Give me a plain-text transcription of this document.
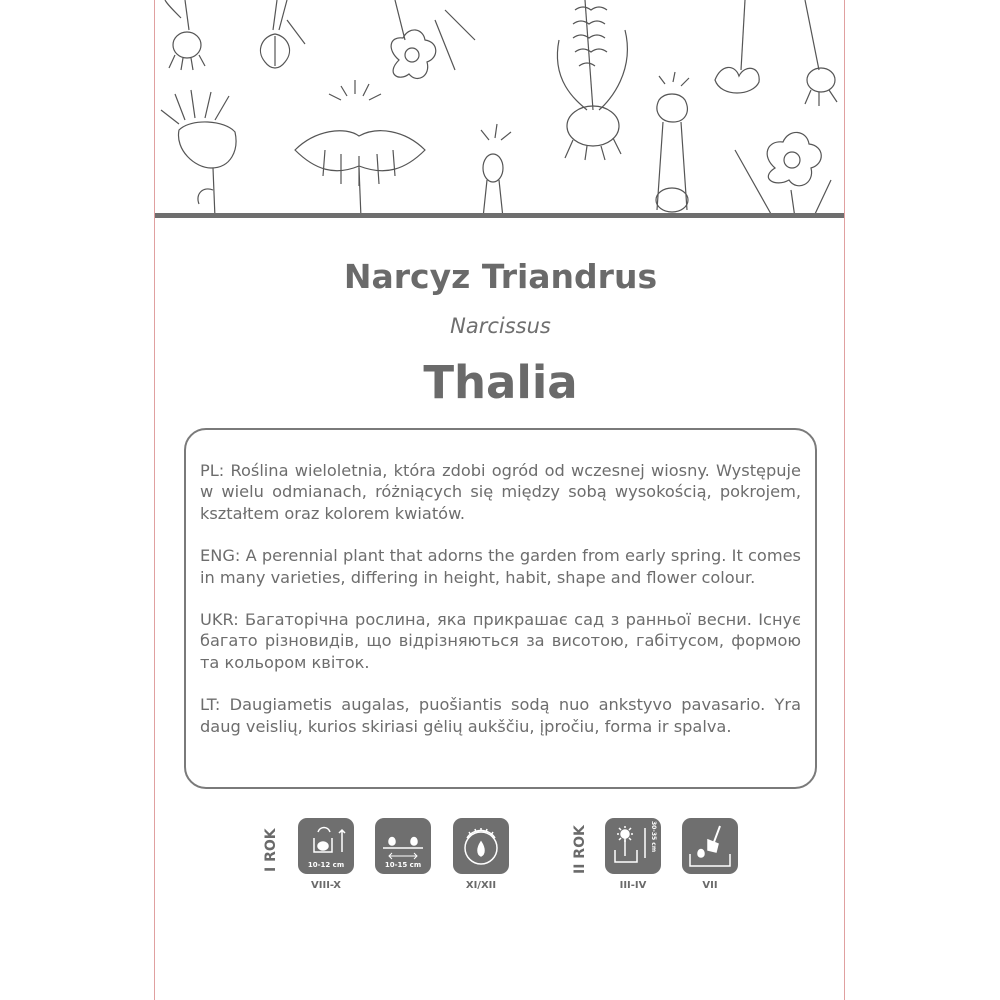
Narcyz Triandrus
Narcissus
Thalia

PL: Roślina wieloletnia, która zdobi ogród od wczesnej wiosny. Występuje w wielu odmianach, różniących się między sobą wysokością, pokrojem, kształtem oraz kolorem kwiatów.

ENG: A perennial plant that adorns the garden from early spring. It comes in many varieties, differing in height, habit, shape and flower colour.

UKR: Багаторічна рослина, яка прикрашає сад з ранньої весни. Існує багато різновидів, що відрізняються за висотою, габітусом, формою та кольором квіток.

LT: Daugiametis augalas, puošiantis sodą nuo ankstyvo pavasario. Yra daug veislių, kurios skiriasi gėlių aukščiu, įpročiu, forma ir spalva.

I ROK	10-12 cm
VIII-X
10-15 cm
XI/XII
II ROK	30-35 cm
III-IV	VII
